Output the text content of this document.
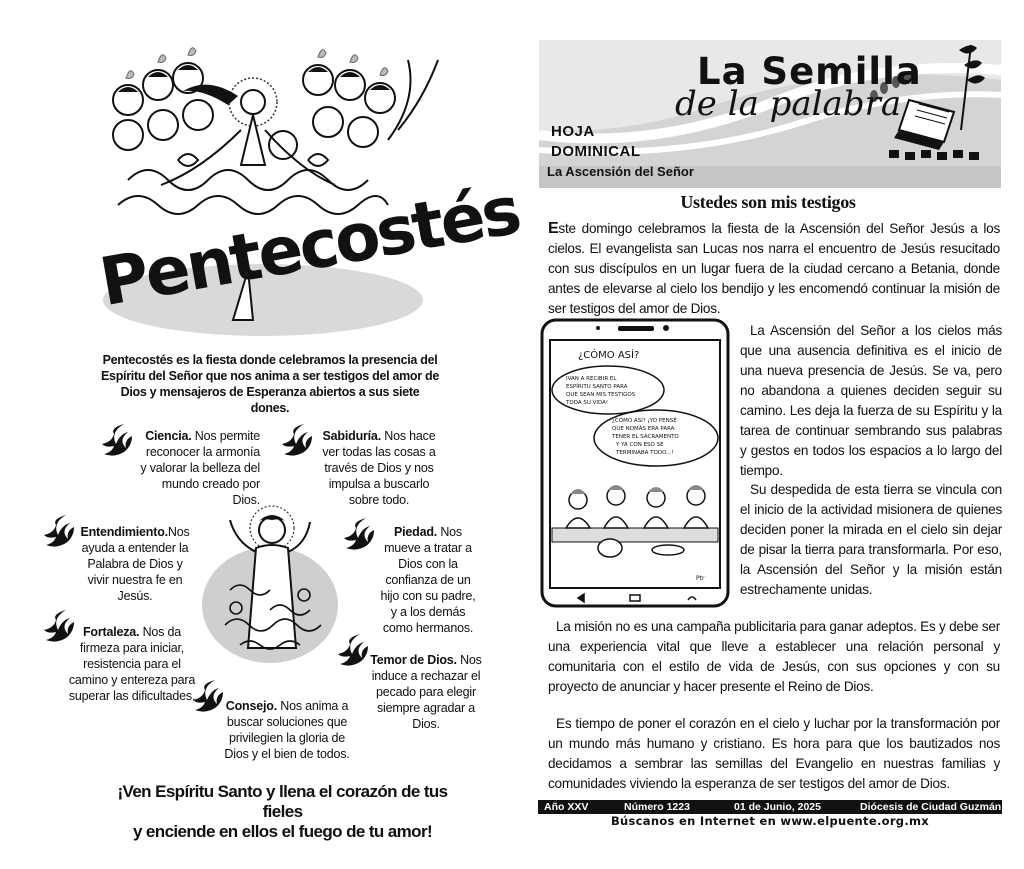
Pentecostés
Pentecostés es la fiesta donde celebramos la presencia del Espíritu del Señor que nos anima a ser testigos del amor de Dios y mensajeros de Esperanza abiertos a sus siete dones.
Ciencia. Nos permite reconocer la armonía y valorar la belleza del mundo creado por Dios.
Sabiduría. Nos hace ver todas las cosas a través de Dios y nos impulsa a buscarlo sobre todo.
Entendimiento.Nos ayuda a entender la Palabra de Dios y vivir nuestra fe en Jesús.
Piedad. Nos mueve a tratar a Dios con la confianza de un hijo con su padre, y a los demás como hermanos.
Fortaleza. Nos da firmeza para iniciar, resistencia para el camino y entereza para superar las dificultades.
Temor de Dios. Nos induce a rechazar el pecado para elegir siempre agradar a Dios.
Consejo. Nos anima a buscar soluciones que privilegien la gloria de Dios y el bien de todos.
¡Ven Espíritu Santo y llena el corazón de tus fieles
y enciende en ellos el fuego de tu amor!
La Semilla
de la palabra
HOJA
DOMINICAL
La Ascensión del Señor
Ustedes son mis testigos
Este domingo celebramos la fiesta de la Ascensión del Señor Jesús a los cielos. El evangelista san Lucas nos narra el encuentro de Jesús resucitado con sus discípulos en un lugar fuera de la ciudad cercano a Betania, donde antes de elevarse al cielo los bendijo y les encomendó continuar la misión de ser testigos del amor de Dios.
¿CÓMO ASÍ?
IVAN A RECIBIR EL ESPÍRITU SANTO PARA QUE SEAN MIS TESTIGOS TODA SU VIDA!
¿CÓMO ASÍ? ¡YO PENSÉ QUE NOMÁS ERA PARA TENER EL SACRAMENTO Y YA CON ESO SE TERMINABA TODO...!
Ptr
La Ascensión del Señor a los cielos más que una ausencia definitiva es el inicio de una nueva presencia de Jesús. Se va, pero no abandona a quienes deciden seguir su camino. Les deja la fuerza de su Espíritu y la tarea de continuar sembrando sus palabras y gestos en todos los espacios a lo largo del tiempo.
Su despedida de esta tierra se vincula con el inicio de la actividad misionera de quienes deciden poner la mirada en el cielo sin dejar de pisar la tierra para transformarla. Por eso, la Ascensión del Señor y la misión están estrechamente unidas.
La misión no es una campaña publicitaria para ganar adeptos. Es y debe ser una experiencia vital que lleve a establecer una relación personal y comunitaria con el estilo de vida de Jesús, con sus opciones y con su proyecto de anunciar y hacer presente el Reino de Dios.
Es tiempo de poner el corazón en el cielo y luchar por la transformación por un mundo más humano y cristiano. Es hora para que los bautizados nos decidamos a sembrar las semillas del Evangelio en nuestras familias y comunidades viviendo la esperanza de ser testigos del amor de Dios.
Año XXV	Número 1223	01 de Junio, 2025	Diócesis de Ciudad Guzmán
Búscanos en Internet en www.elpuente.org.mx
